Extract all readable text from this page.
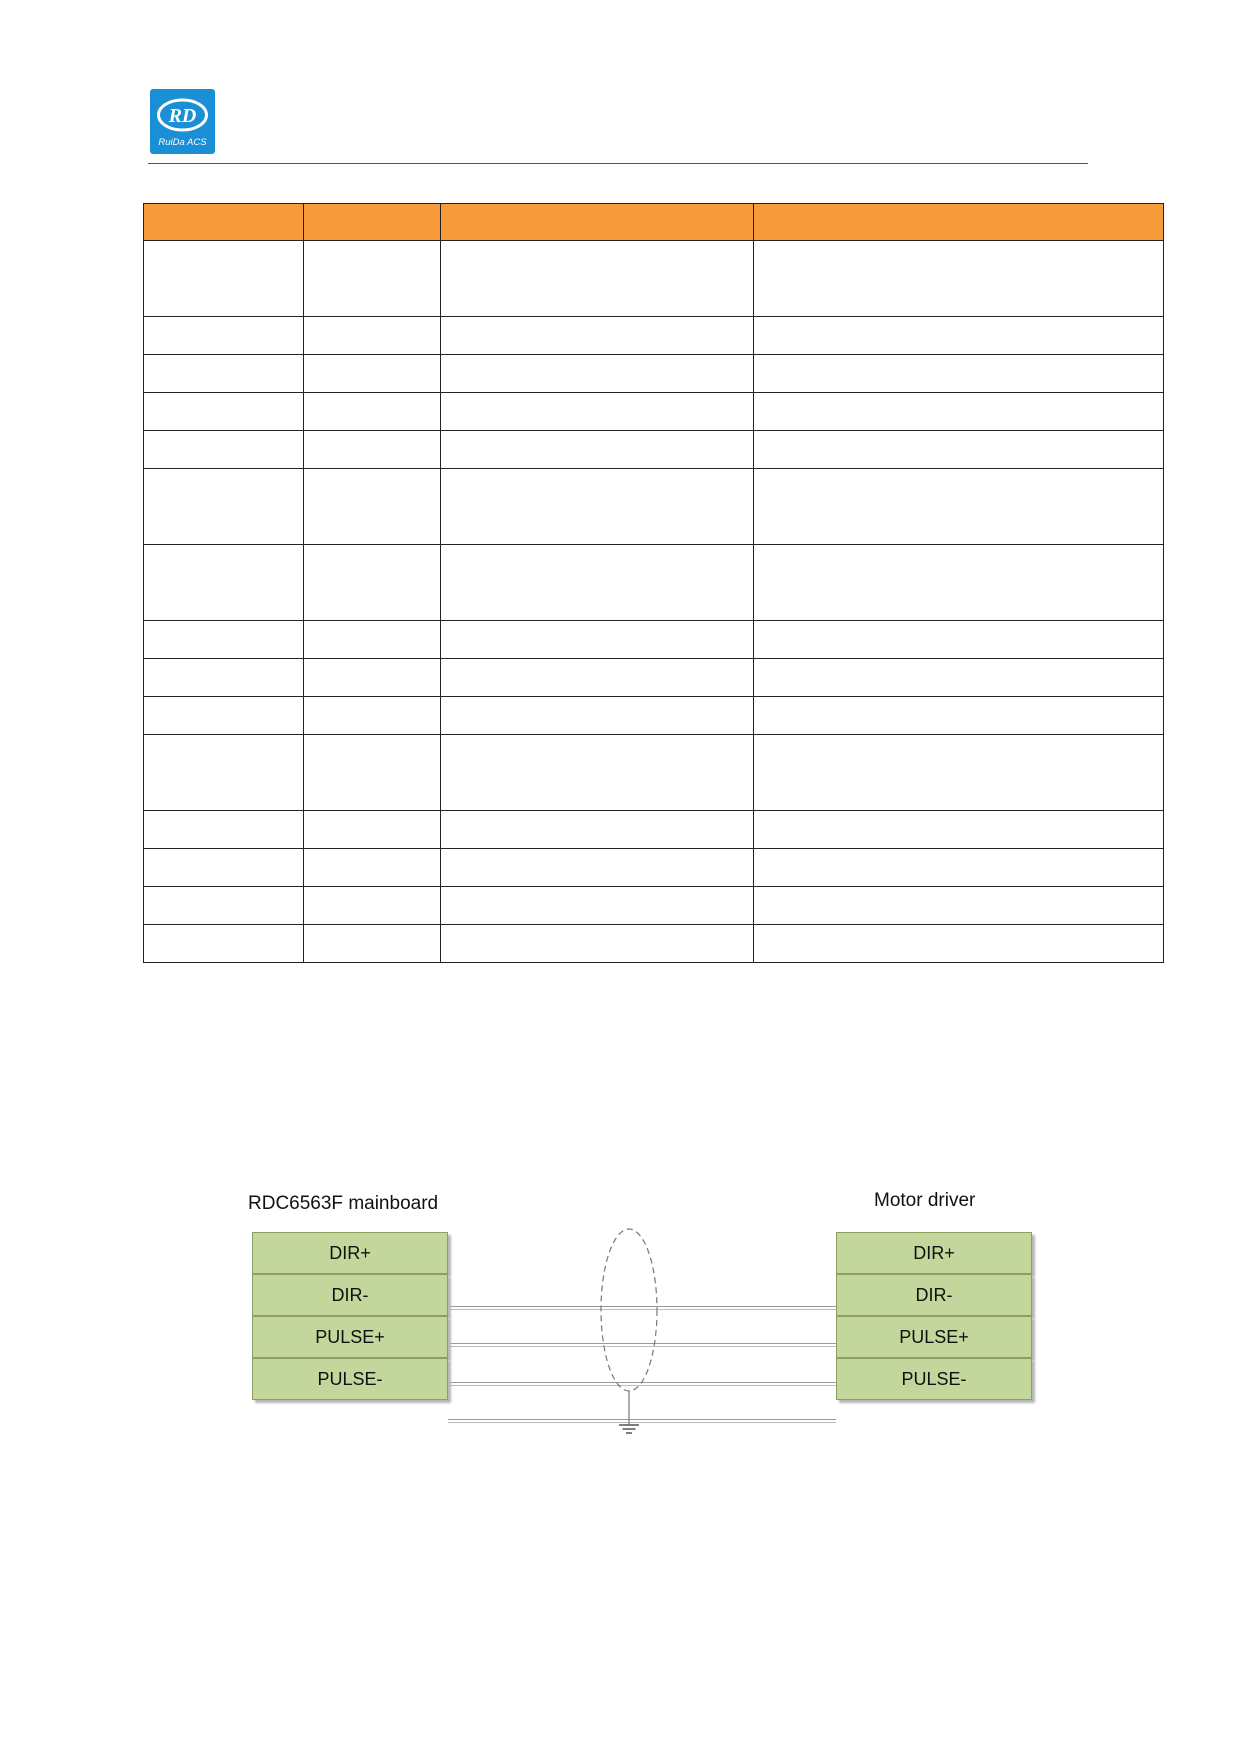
RD
RuiDa ACS

RDC6563F mainboard	Motor driver
DIR+
DIR-
PULSE+
PULSE-
DIR+
DIR-
PULSE+
PULSE-
